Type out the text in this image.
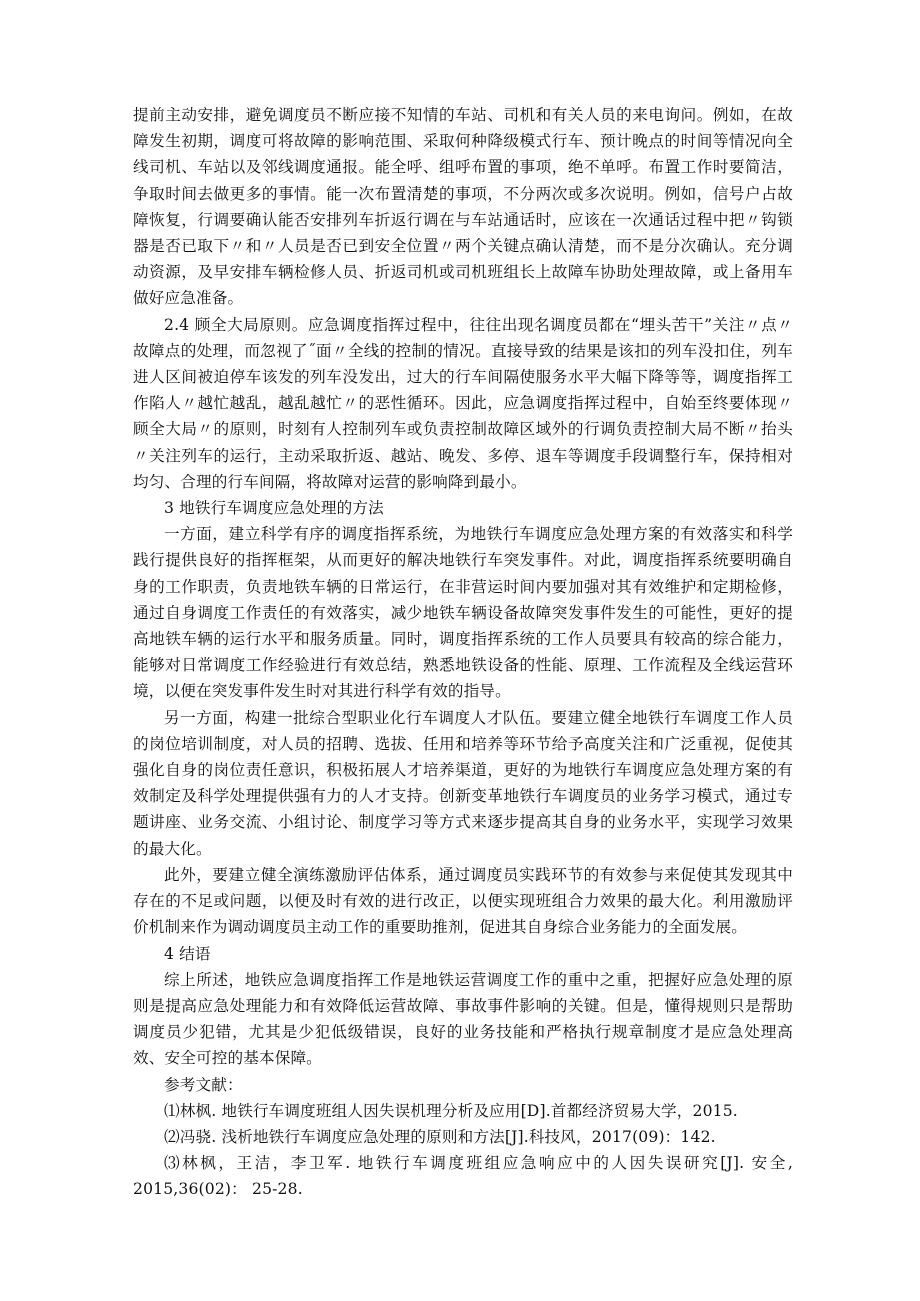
提前主动安排，避免调度员不断应接不知情的车站、司机和有关人员的来电询问。例如，在故障发生初期，调度可将故障的影响范围、采取何种降级模式行车、预计晚点的时间等情况向全线司机、车站以及邻线调度通报。能全呼、组呼布置的事项，绝不单呼。布置工作时要简洁，争取时间去做更多的事情。能一次布置清楚的事项，不分两次或多次说明。例如，信号户占故障恢复，行调要确认能否安排列车折返行调在与车站通话时，应该在一次通话过程中把〃钩锁器是否已取下〃和〃人员是否已到安全位置〃两个关键点确认清楚，而不是分次确认。充分调动资源，及早安排车辆检修人员、折返司机或司机班组长上故障车协助处理故障，或上备用车做好应急准备。

2.4 顾全大局原则。应急调度指挥过程中，往往出现名调度员都在“埋头苦干”关注〃点〃故障点的处理，而忽视了˝面〃全线的控制的情况。直接导致的结果是该扣的列车没扣住，列车进人区间被迫停车该发的列车没发出，过大的行车间隔使服务水平大幅下降等等，调度指挥工作陷人〃越忙越乱，越乱越忙〃的恶性循环。因此，应急调度指挥过程中，自始至终要体现〃顾全大局〃的原则，时刻有人控制列车或负责控制故障区域外的行调负责控制大局不断〃抬头〃关注列车的运行，主动采取折返、越站、晚发、多停、退车等调度手段调整行车，保持相对均匀、合理的行车间隔，将故障对运营的影响降到最小。

3 地铁行车调度应急处理的方法

一方面，建立科学有序的调度指挥系统，为地铁行车调度应急处理方案的有效落实和科学践行提供良好的指挥框架，从而更好的解决地铁行车突发事件。对此，调度指挥系统要明确自身的工作职责，负责地铁车辆的日常运行，在非营运时间内要加强对其有效维护和定期检修，通过自身调度工作责任的有效落实，减少地铁车辆设备故障突发事件发生的可能性，更好的提高地铁车辆的运行水平和服务质量。同时，调度指挥系统的工作人员要具有较高的综合能力，能够对日常调度工作经验进行有效总结，熟悉地铁设备的性能、原理、工作流程及全线运营环境，以便在突发事件发生时对其进行科学有效的指导。

另一方面，构建一批综合型职业化行车调度人才队伍。要建立健全地铁行车调度工作人员的岗位培训制度，对人员的招聘、选拔、任用和培养等环节给予高度关注和广泛重视，促使其强化自身的岗位责任意识，积极拓展人才培养渠道，更好的为地铁行车调度应急处理方案的有效制定及科学处理提供强有力的人才支持。创新变革地铁行车调度员的业务学习模式，通过专题讲座、业务交流、小组讨论、制度学习等方式来逐步提高其自身的业务水平，实现学习效果的最大化。

此外，要建立健全演练激励评估体系，通过调度员实践环节的有效参与来促使其发现其中存在的不足或问题，以便及时有效的进行改正，以便实现班组合力效果的最大化。利用激励评价机制来作为调动调度员主动工作的重要助推剂，促进其自身综合业务能力的全面发展。

4 结语

综上所述，地铁应急调度指挥工作是地铁运营调度工作的重中之重，把握好应急处理的原则是提高应急处理能力和有效降低运营故障、事故事件影响的关键。但是，懂得规则只是帮助调度员少犯错，尤其是少犯低级错误，良好的业务技能和严格执行规章制度才是应急处理高效、安全可控的基本保障。

参考文献：

⑴林枫. 地铁行车调度班组人因失误机理分析及应用[D].首都经济贸易大学，2015.

⑵冯骁. 浅析地铁行车调度应急处理的原则和方法[J].科技风，2017(09)：142.

⑶林枫，王洁，李卫军. 地铁行车调度班组应急响应中的人因失误研究[J]. 安全, 2015,36(02)： 25-28.
